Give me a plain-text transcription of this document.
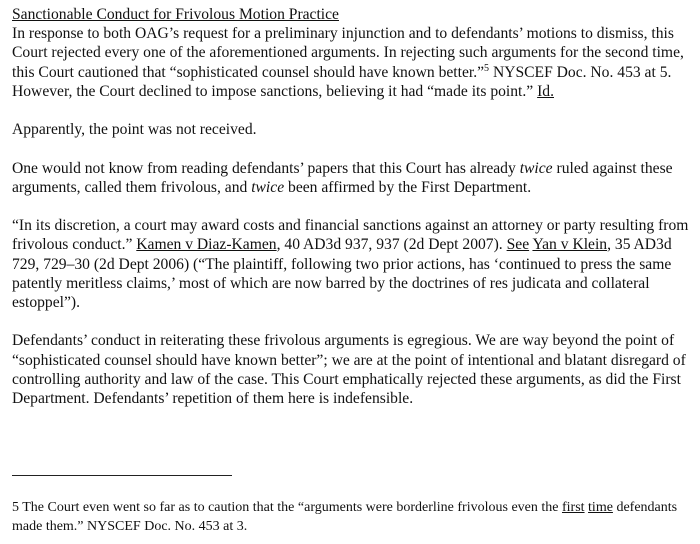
Sanctionable Conduct for Frivolous Motion Practice

In response to both OAG’s request for a preliminary injunction and to defendants’ motions to dismiss, this Court rejected every one of the aforementioned arguments. In rejecting such arguments for the second time, this Court cautioned that “sophisticated counsel should have known better.”$^5$ NYSCEF Doc. No. 453 at 5. However, the Court declined to impose sanctions, believing it had “made its point.” Id.

Apparently, the point was not received.

One would not know from reading defendants’ papers that this Court has already twice ruled against these arguments, called them frivolous, and twice been affirmed by the First Department.

“In its discretion, a court may award costs and financial sanctions against an attorney or party resulting from frivolous conduct.” Kamen v Diaz-Kamen, 40 AD3d 937, 937 (2d Dept 2007). See Yan v Klein, 35 AD3d 729, 729–30 (2d Dept 2006) (“The plaintiff, following two prior actions, has ‘continued to press the same patently meritless claims,’ most of which are now barred by the doctrines of res judicata and collateral estoppel”).

Defendants’ conduct in reiterating these frivolous arguments is egregious. We are way beyond the point of “sophisticated counsel should have known better”; we are at the point of intentional and blatant disregard of controlling authority and law of the case. This Court emphatically rejected these arguments, as did the First Department. Defendants’ repetition of them here is indefensible.

5 The Court even went so far as to caution that the “arguments were borderline frivolous even the first time defendants made them.” NYSCEF Doc. No. 453 at 3.
